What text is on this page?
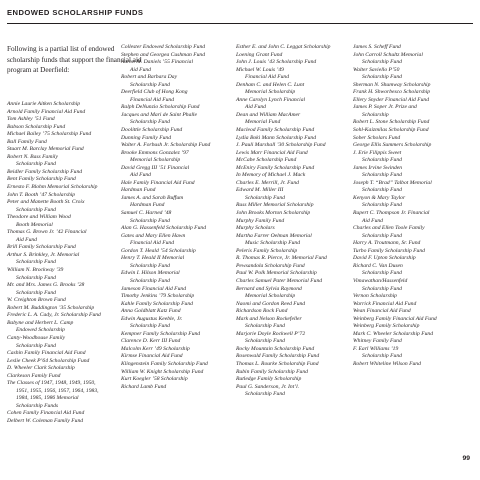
ENDOWED SCHOLARSHIP FUNDS

Following is a partial list of endowed scholarship funds that support the financial aid program at Deerfield:

Annie Laurie Aitken Scholarship
Arnold Family Financial Aid Fund
Tom Ashley ’51 Fund
Babson Scholarship Fund
Michael Bailey ’75 Scholarship Fund
Ball Family Fund
Stuart M. Barclay Memorial Fund
Robert N. Bass Family
Scholarship Fund
Beidler Family Scholarship Fund
Bent Family Scholarship Fund
Ernesto F. Blohm Memorial Scholarship
John T. Booth ’47 Scholarship
Peter and Manette Booth St. Croix
Scholarship Fund
Theodore and William Wood
Booth Memorial
Thomas G. Brown Jr. ’42 Financial
Aid Fund
Brill Family Scholarship Fund
Arthur S. Brinkley, Jr. Memorial
Scholarship Fund
William N. Brockway ’39
Scholarship Fund
Mr. and Mrs. James G. Brooks ’28
Scholarship Fund
W. Creighton Brown Fund
Robert M. Buddington ’35 Scholarship
Frederic L. A. Cady, Jr. Scholarship Fund
Babyne and Herbert L. Camp
Endowed Scholarship
Canty-Woodhouse Family
Scholarship Fund
Cashin Family Financial Aid Fund
Leslie Cheek P’64 Scholarship Fund
D. Wheeler Clark Scholarship
Clarkeson Family Fund
The Classes of 1947, 1948, 1949, 1950,
1951, 1955, 1956, 1957, 1964, 1983,
1984, 1985, 1986 Memorial
Scholarship Funds
Cohen Family Financial Aid Fund
Delbert W. Coleman Family Fund
Collester Endowed Scholarship Fund
Stephen and Georgea Cushman Fund
Aaron M. Daniels ’55 Financial
Aid Fund
Robert and Barbara Day
Scholarship Fund
Deerfield Club of Hong Kong
Financial Aid Fund
Ralph DeNunzio Scholarship Fund
Jacques and Mari de Saint Phalle
Scholarship Fund
Doolittle Scholarship Fund
Dunning Family Fund
Walter A. Forbush Jr. Scholarship Fund
Brooke Emmons Gonzalez ’97
Memorial Scholarship
David Gregg III ’51 Financial
Aid Fund
Hale Family Financial Aid Fund
Hardman Fund
James A. and Sarah Buffum
Hardman Fund
Samuel C. Harned ’48
Scholarship Fund
Alan G. Hassenfeld Scholarship Fund
Gates and Mary Ellen Hawn
Financial Aid Fund
Gordon T. Heald ’54 Scholarship
Henry T. Heald II Memorial
Scholarship Fund
Edwin I. Hilson Memorial
Scholarship Fund
Jameson Financial Aid Fund
Timothy Jenkins ’79 Scholarship
Kahle Family Scholarship Fund
Anna Goldblatt Katz Fund
Edwin Augustus Keeble, Jr.
Scholarship Fund
Kempner Family Scholarship Fund
Clarence D. Kerr III Fund
Malcolm Kerr ’49 Scholarship
Kirmse Financial Aid Fund
Klingenstein Family Scholarship Fund
William W. Knight Scholarship Fund
Kurt Koegler ’58 Scholarship
Richard Lamb Fund
Esther E. and John C. Leggat Scholarship
Loening Grant Fund
John J. Louis ’43 Scholarship Fund
Michael W. Louis ’49
Financial Aid Fund
Denham C. and Helen C. Lunt
Memorial Scholarship
Anne Carolyn Lynch Financial
Aid Fund
Dean and William MacAmer
Memorial Fund
Macleod Family Scholarship Fund
Lydia Boki Mann Scholarship Fund
J. Pauli Marshall ’30 Scholarship Fund
Lewis Marr Financial Aid Fund
McCabe Scholarship Fund
McEniry Family Scholarship Fund
In Memory of Michael J. Mack
Charles E. Merrill, Jr. Fund
Edward M. Miller III
Scholarship Fund
Russ Miller Memorial Scholarship
John Brooks Morton Scholarship
Murphy Family Fund
Murphy Scholars
Martha Farrer Oelman Memorial
Music Scholarship Fund
Peleris Family Scholarship
R. Thomas R. Pierce, Jr. Memorial Fund
Pewsandola Scholarship Fund
Paul W. Polk Memorial Scholarship
Charles Samuel Pater Memorial Fund
Bernard and Sylvia Raymond
Memorial Scholarship
Naomi and Gordon Reed Fund
Richardson Rock Fund
Mark and Nelson Rockefeller
Scholarship Fund
Marjorie Doyle Rockwell P’72
Scholarship Fund
Rocky Mountain Scholarship Fund
Rosenwald Family Scholarship Fund
Thomas L. Rourke Scholarship Fund
Rubin Family Scholarship Fund
Rutledge Family Scholarship
Paul G. Sanderson, Jr. Int’l.
Scholarship Fund
James S. Scheff Fund
John Carroll Schultz Memorial
Scholarship Fund
Walter Saviello P’50
Scholarship Fund
Sherman N. Shumway Scholarship
Frank H. Shworbesco Scholarship
Ellery Snyder Financial Aid Fund
James P. Soper Jr. Prize and
Scholarship
Robert L. Stone Scholarship Fund
Sohl-Kaizmilas Scholarship Fund
Sober Scholars Fund
George Ellis Summers Scholarship
J. Erie Filippis Sweet
Scholarship Fund
James Irvine Swinden
Scholarship Fund
Joseph T. “Brad” Talbot Memorial
Scholarship Fund
Kenyon & Mary Taylor
Scholarship Fund
Rupert C. Thompson Jr. Financial
Aid Fund
Charles and Ellen Toole Family
Scholarship Fund
Harry A. Troutmann, Sr. Fund
Turbo Family Scholarship Fund
David F. Upton Scholarship
Richard C. Van Dusen
Scholarship Fund
Vimawathan/Hassenfeld
Scholarship Fund
Vernon Scholarship
Warrick Financial Aid Fund
Wean Financial Aid Fund
Weinberg Family Financial Aid Fund
Weinberg Family Scholarship
Mark C. Wheeler Scholarship Fund
Whitney Family Fund
F. Earl Williams ’19
Scholarship Fund
Robert Whiteline Wilson Fund
99
